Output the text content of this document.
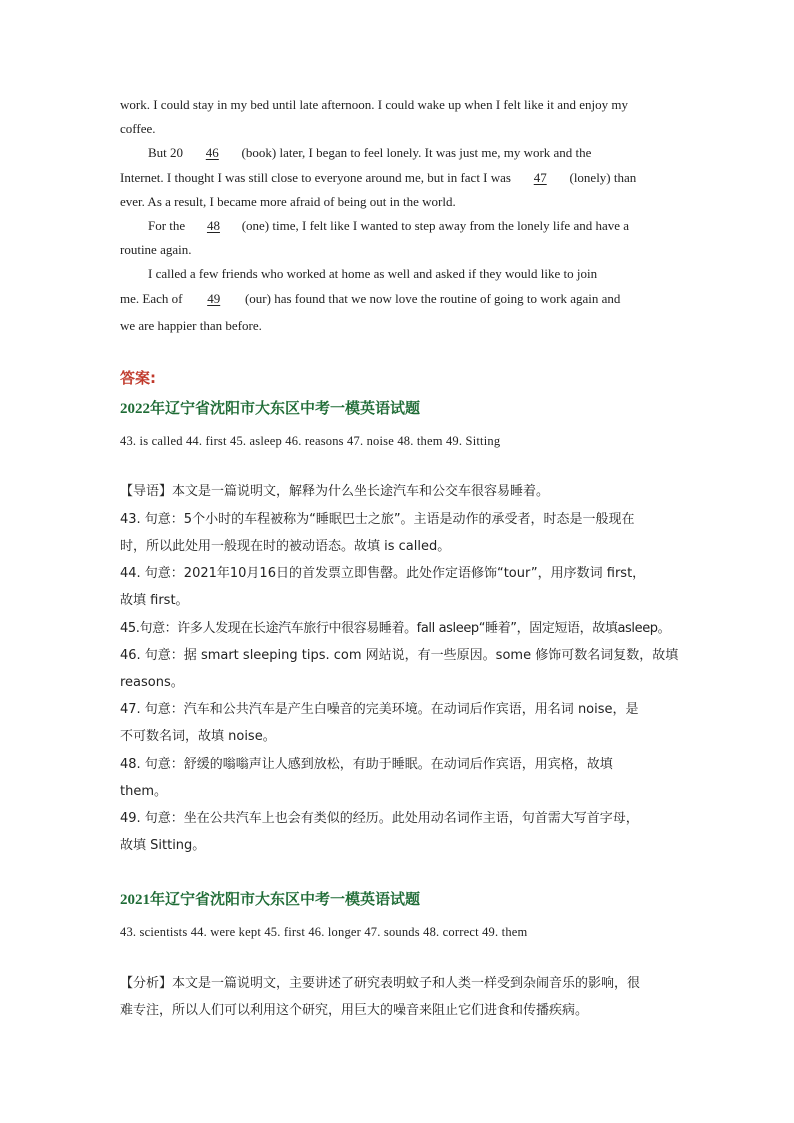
work. I could stay in my bed until late afternoon. I could wake up when I felt like it and enjoy my
coffee.
But 20 46 (book) later, I began to feel lonely. It was just me, my work and the
Internet. I thought I was still close to everyone around me, but in fact I was 47 (lonely) than
ever. As a result, I became more afraid of being out in the world.
For the 48 (one) time, I felt like I wanted to step away from the lonely life and have a
routine again.
I called a few friends who worked at home as well and asked if they would like to join
me. Each of 49 (our) has found that we now love the routine of going to work again and
we are happier than before.
答案:
2022年辽宁省沈阳市大东区中考一模英语试题
43. is called 44. first 45. asleep 46. reasons 47. noise 48. them 49. Sitting
【导语】本文是一篇说明文，解释为什么坐长途汽车和公交车很容易睡着。
43. 句意：5个小时的车程被称为“睡眠巴士之旅”。主语是动作的承受者，时态是一般现在
时，所以此处用一般现在时的被动语态。故填 is called。
44. 句意：2021年10月16日的首发票立即售罄。此处作定语修饰“tour”，用序数词 first，
故填 first。
45.句意：许多人发现在长途汽车旅行中很容易睡着。fall asleep“睡着”，固定短语，故填asleep。
46. 句意：据 smart sleeping tips. com 网站说，有一些原因。some 修饰可数名词复数，故填
reasons。
47. 句意：汽车和公共汽车是产生白噪音的完美环境。在动词后作宾语，用名词 noise，是
不可数名词，故填 noise。
48. 句意：舒缓的嗡嗡声让人感到放松，有助于睡眠。在动词后作宾语，用宾格，故填
them。
49. 句意：坐在公共汽车上也会有类似的经历。此处用动名词作主语，句首需大写首字母，
故填 Sitting。
2021年辽宁省沈阳市大东区中考一模英语试题
43. scientists 44. were kept 45. first 46. longer 47. sounds 48. correct 49. them
【分析】本文是一篇说明文，主要讲述了研究表明蚊子和人类一样受到杂闹音乐的影响，很
难专注，所以人们可以利用这个研究，用巨大的噪音来阻止它们进食和传播疾病。
